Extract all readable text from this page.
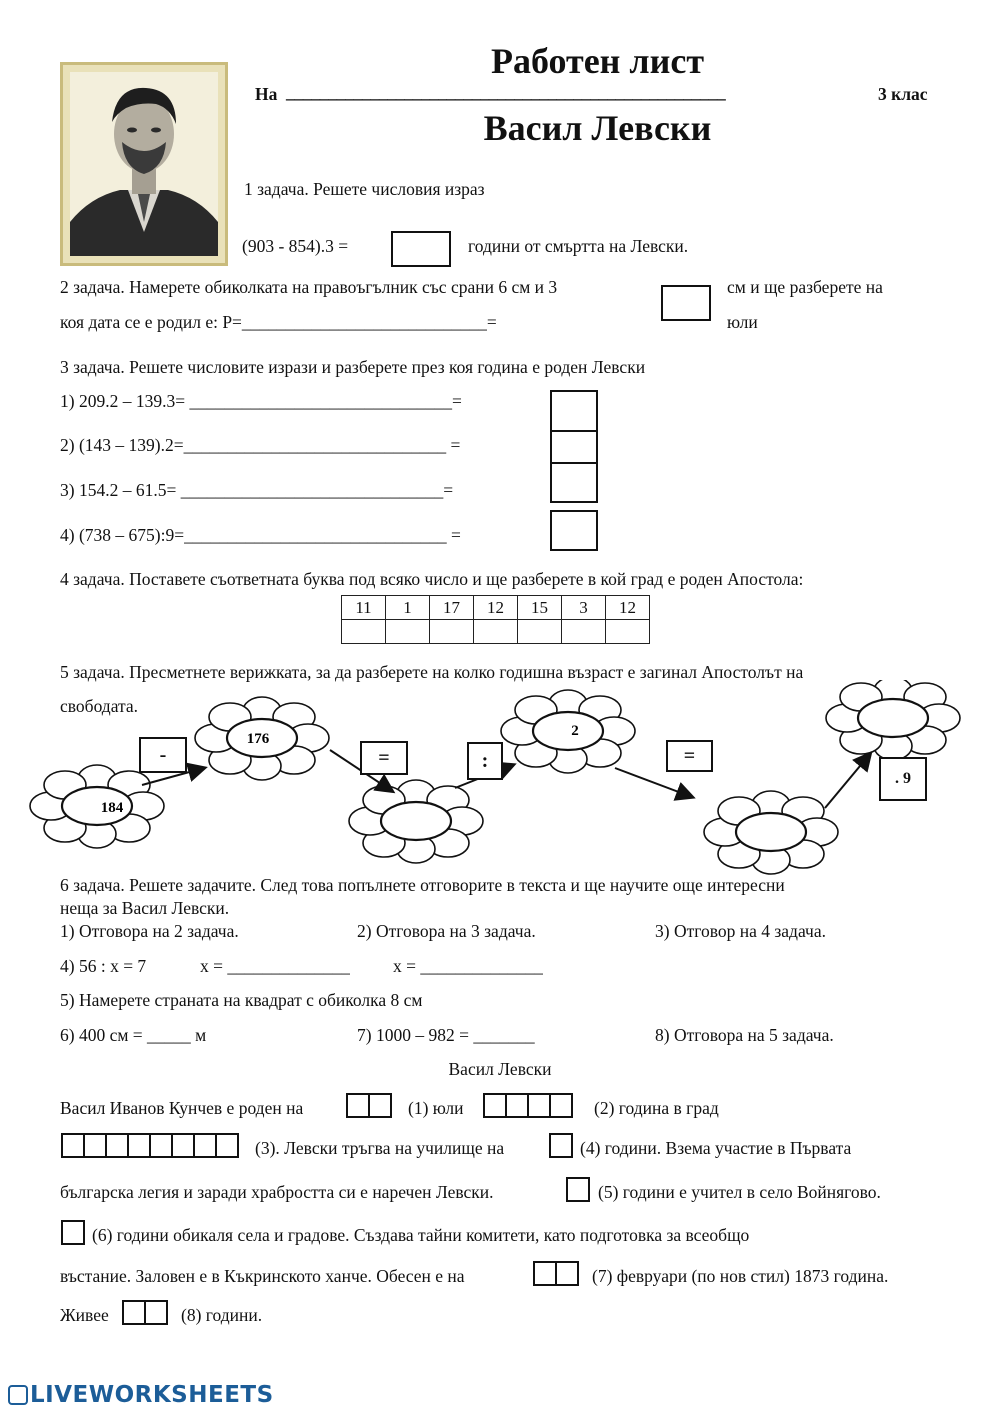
Работен лист
На ____________________________________________________	3 клас
Васил Левски
1 задача. Решете числовия израз
(903 - 854).3 =	години от смъртта на Левски.
2 задача. Намерете обиколката на правоъгълник със срани 6 см и 3
коя дата се е родил е: Р=____________________________=
см и ще разберете на
юли
3 задача. Решете числовите изрази и разберете през коя година е роден Левски
1) 209.2 – 139.3= ______________________________=
2) (143 – 139).2=______________________________ =
3) 154.2 – 61.5= ______________________________=
4) (738 – 675):9=______________________________ =
4 задача. Поставете съответната буква под всяко число и ще разберете в кой град е роден Апостола:
11	1	17	12	15	3	12

5 задача. Пресметнете верижката, за да разберете на колко годишна възраст е загинал Апостолът на
свободата.
184
176	2
-	=	:	=
. 9
6 задача. Решете задачите. След това попълнете отговорите в текста и ще научите още интересни
неща за Васил Левски.
1) Отговора на 2 задача.	2) Отговора на 3 задача.	3) Отговор на 4 задача.
4) 56 : х = 7	х = ______________ х = ______________
5) Намерете страната на квадрат с обиколка 8 см
6) 400 см = _____ м	7) 1000 – 982 = _______	8) Отговора на 5 задача.
Васил Левски
Васил Иванов Кунчев е роден на	(1) юли	(2) година в град
(3). Левски тръгва на училище на	(4) години. Взема участие в Първата
българска легия и заради храбростта си е наречен Левски.	(5) години е учител в село Войнягово.
(6) години обикаля села и градове. Създава тайни комитети, като подготовка за всеобщо
въстание. Заловен е в Къкринското ханче. Обесен е на	(7) февруари (по нов стил) 1873 година.
Живее	(8) години.
LIVEWORKSHEETS
